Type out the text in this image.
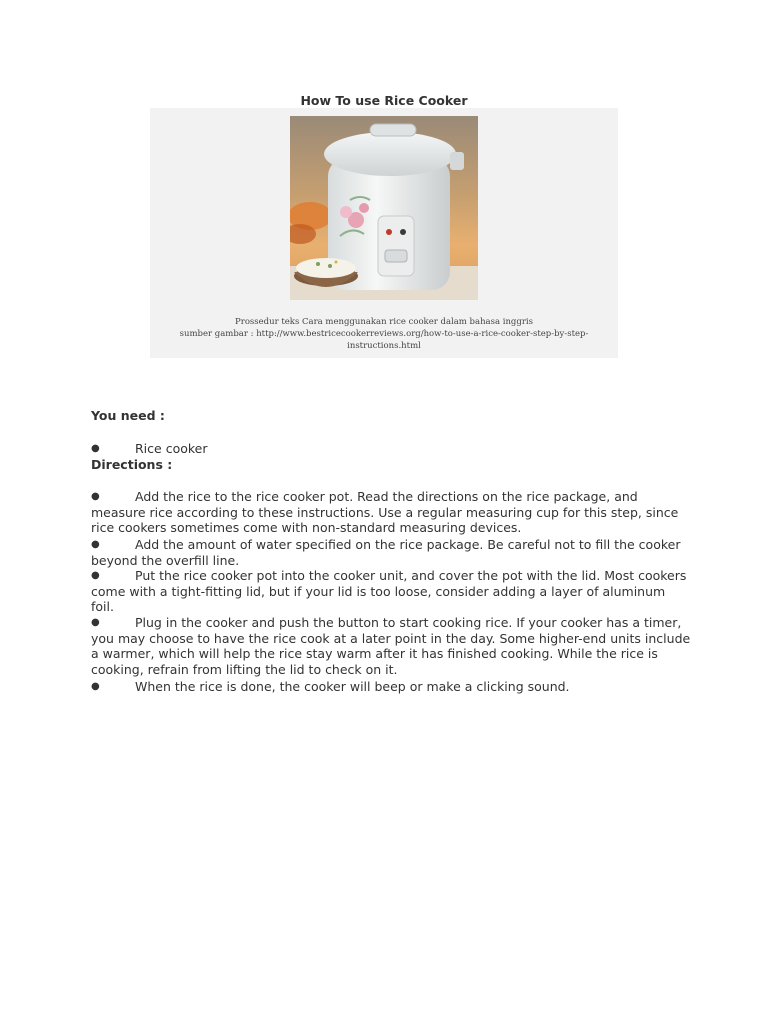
How To use Rice Cooker
Prossedur teks Cara menggunakan rice cooker dalam bahasa inggris
sumber gambar : http://www.bestricecookerreviews.org/how-to-use-a-rice-cooker-step-by-step-
instructions.html
You need :
●	Rice cooker
Directions :
●	Add the rice to the rice cooker pot. Read the directions on the rice package, and measure rice according to these instructions. Use a regular measuring cup for this step, since rice cookers sometimes come with non-standard measuring devices.
●	Add the amount of water specified on the rice package. Be careful not to fill the cooker beyond the overfill line.
●	Put the rice cooker pot into the cooker unit, and cover the pot with the lid. Most cookers come with a tight-fitting lid, but if your lid is too loose, consider adding a layer of aluminum foil.
●	Plug in the cooker and push the button to start cooking rice. If your cooker has a timer, you may choose to have the rice cook at a later point in the day. Some higher-end units include a warmer, which will help the rice stay warm after it has finished cooking. While the rice is cooking, refrain from lifting the lid to check on it.
●	When the rice is done, the cooker will beep or make a clicking sound.
